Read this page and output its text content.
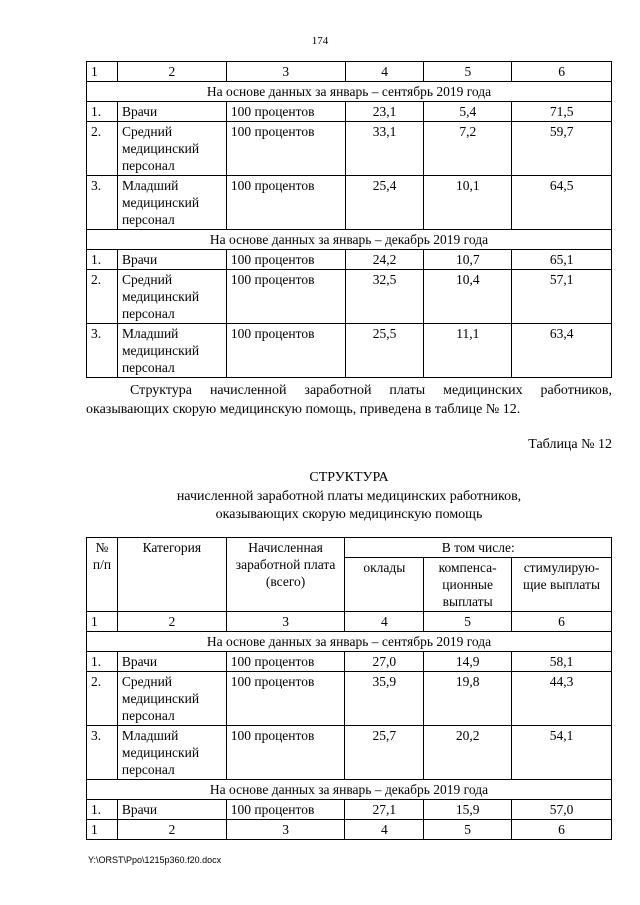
174
1	2	3	4	5	6
На основе данных за январь – сентябрь 2019 года					
1.	Врачи	100 процентов	23,1	5,4	71,5
2.	Средний
медицинский
персонал	100 процентов	33,1	7,2	59,7
3.	Младший
медицинский
персонал	100 процентов	25,4	10,1	64,5
На основе данных за январь – декабрь 2019 года					
1.	Врачи	100 процентов	24,2	10,7	65,1
2.	Средний
медицинский
персонал	100 процентов	32,5	10,4	57,1
3.	Младший
медицинский
персонал	100 процентов	25,5	11,1	63,4

Структура начисленной заработной платы медицинских работников, оказывающих скорую медицинскую помощь, приведена в таблице № 12.

Таблица № 12
СТРУКТУРА
начисленной заработной платы медицинских работников,
оказывающих скорую медицинскую помощь
№ п/п	Категория	Начисленная заработной плата (всего)	В том числе:		
			оклады	компенса-ционные выплаты	стимулирую-щие выплаты
1	2	3	4	5	6
На основе данных за январь – сентябрь 2019 года					
1.	Врачи	100 процентов	27,0	14,9	58,1
2.	Средний
медицинский
персонал	100 процентов	35,9	19,8	44,3
3.	Младший
медицинский
персонал	100 процентов	25,7	20,2	54,1
На основе данных за январь – декабрь 2019 года					
1.	Врачи	100 процентов	27,1	15,9	57,0
1	2	3	4	5	6
Y:\ORST\Ppo\1215p360.f20.docx
